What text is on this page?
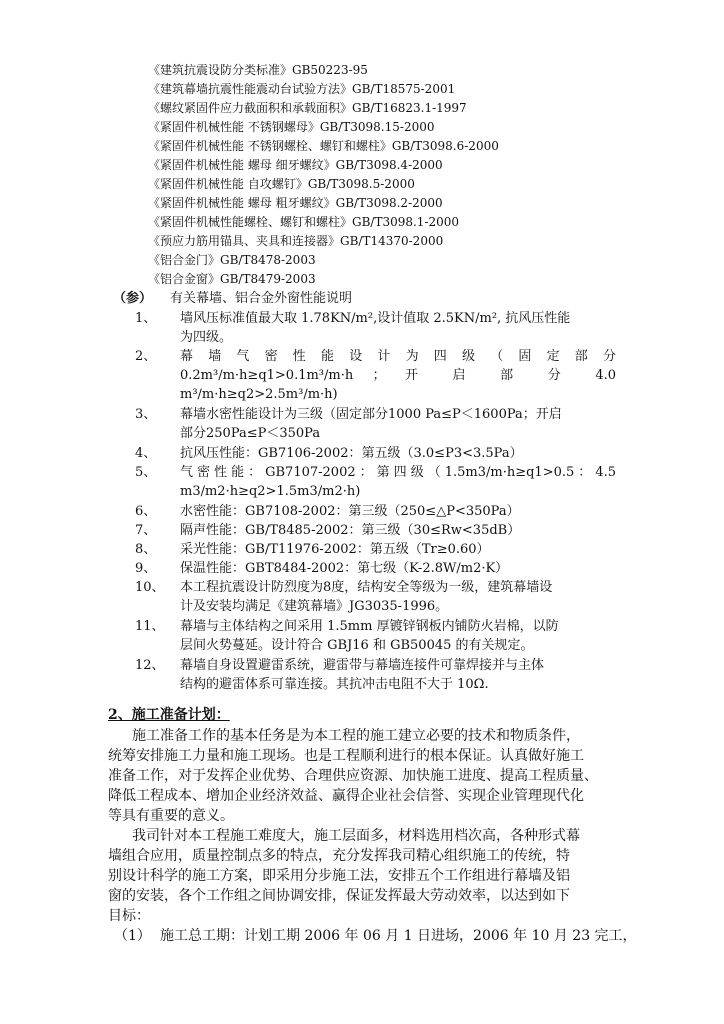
《建筑抗震设防分类标准》GB50223-95
《建筑幕墙抗震性能震动台试验方法》GB/T18575-2001
《螺纹紧固件应力截面积和承载面积》GB/T16823.1-1997
《紧固件机械性能 不锈钢螺母》GB/T3098.15-2000
《紧固件机械性能 不锈钢螺栓、螺钉和螺柱》GB/T3098.6-2000
《紧固件机械性能 螺母 细牙螺纹》GB/T3098.4-2000
《紧固件机械性能 自攻螺钉》GB/T3098.5-2000
《紧固件机械性能 螺母 粗牙螺纹》GB/T3098.2-2000
《紧固件机械性能螺栓、螺钉和螺柱》GB/T3098.1-2000
《预应力筋用锚具、夹具和连接器》GB/T14370-2000
《铝合金门》GB/T8478-2003
《铝合金窗》GB/T8479-2003
（参） 有关幕墙、铝合金外窗性能说明
1、 墙风压标准值最大取 1.78KN/m²,设计值取 2.5KN/m², 抗风压性能
为四级。
2、 幕 墙 气 密 性 能 设 计 为 四 级 （ 固 定 部 分
0.2m³/m·h≥q1>0.1m³/m·h ； 开 启 部 分 4.0
m³/m·h≥q2>2.5m³/m·h)
3、 幕墙水密性能设计为三级（固定部分1000 Pa≤P＜1600Pa；开启
部分250Pa≤P＜350Pa
4、 抗风压性能：GB7106-2002：第五级（3.0≤P3<3.5Pa）
5、 气密性能：GB7107-2002：第四级（1.5m3/m·h≥q1>0.5：4.5
m3/m2·h≥q2>1.5m3/m2·h)
6、 水密性能：GB7108-2002：第三级（250≤△P<350Pa）
7、 隔声性能：GB/T8485-2002：第三级（30≤Rw<35dB）
8、 采光性能：GB/T11976-2002：第五级（Tr≥0.60）
9、 保温性能：GBT8484-2002：第七级（K-2.8W/m2·K）
10、 本工程抗震设计防烈度为8度，结构安全等级为一级，建筑幕墙设
计及安装均满足《建筑幕墙》JG3035-1996。
11、 幕墙与主体结构之间采用 1.5mm 厚镀锌钢板内铺防火岩棉，以防
层间火势蔓延。设计符合 GBJ16 和 GB50045 的有关规定。
12、 幕墙自身设置避雷系统，避雷带与幕墙连接件可靠焊接并与主体
结构的避雷体系可靠连接。其抗冲击电阻不大于 10Ω.
2、施工准备计划：
施工准备工作的基本任务是为本工程的施工建立必要的技术和物质条件，
统筹安排施工力量和施工现场。也是工程顺利进行的根本保证。认真做好施工
准备工作，对于发挥企业优势、合理供应资源、加快施工进度、提高工程质量、
降低工程成本、增加企业经济效益、赢得企业社会信誉、实现企业管理现代化
等具有重要的意义。
我司针对本工程施工难度大，施工层面多，材料选用档次高，各种形式幕
墙组合应用，质量控制点多的特点，充分发挥我司精心组织施工的传统，特
别设计科学的施工方案，即采用分步施工法，安排五个工作组进行幕墙及铝
窗的安装，各个工作组之间协调安排，保证发挥最大劳动效率，以达到如下
目标：
（1） 施工总工期：计划工期 2006 年 06 月 1 日进场，2006 年 10 月 23 完工，
